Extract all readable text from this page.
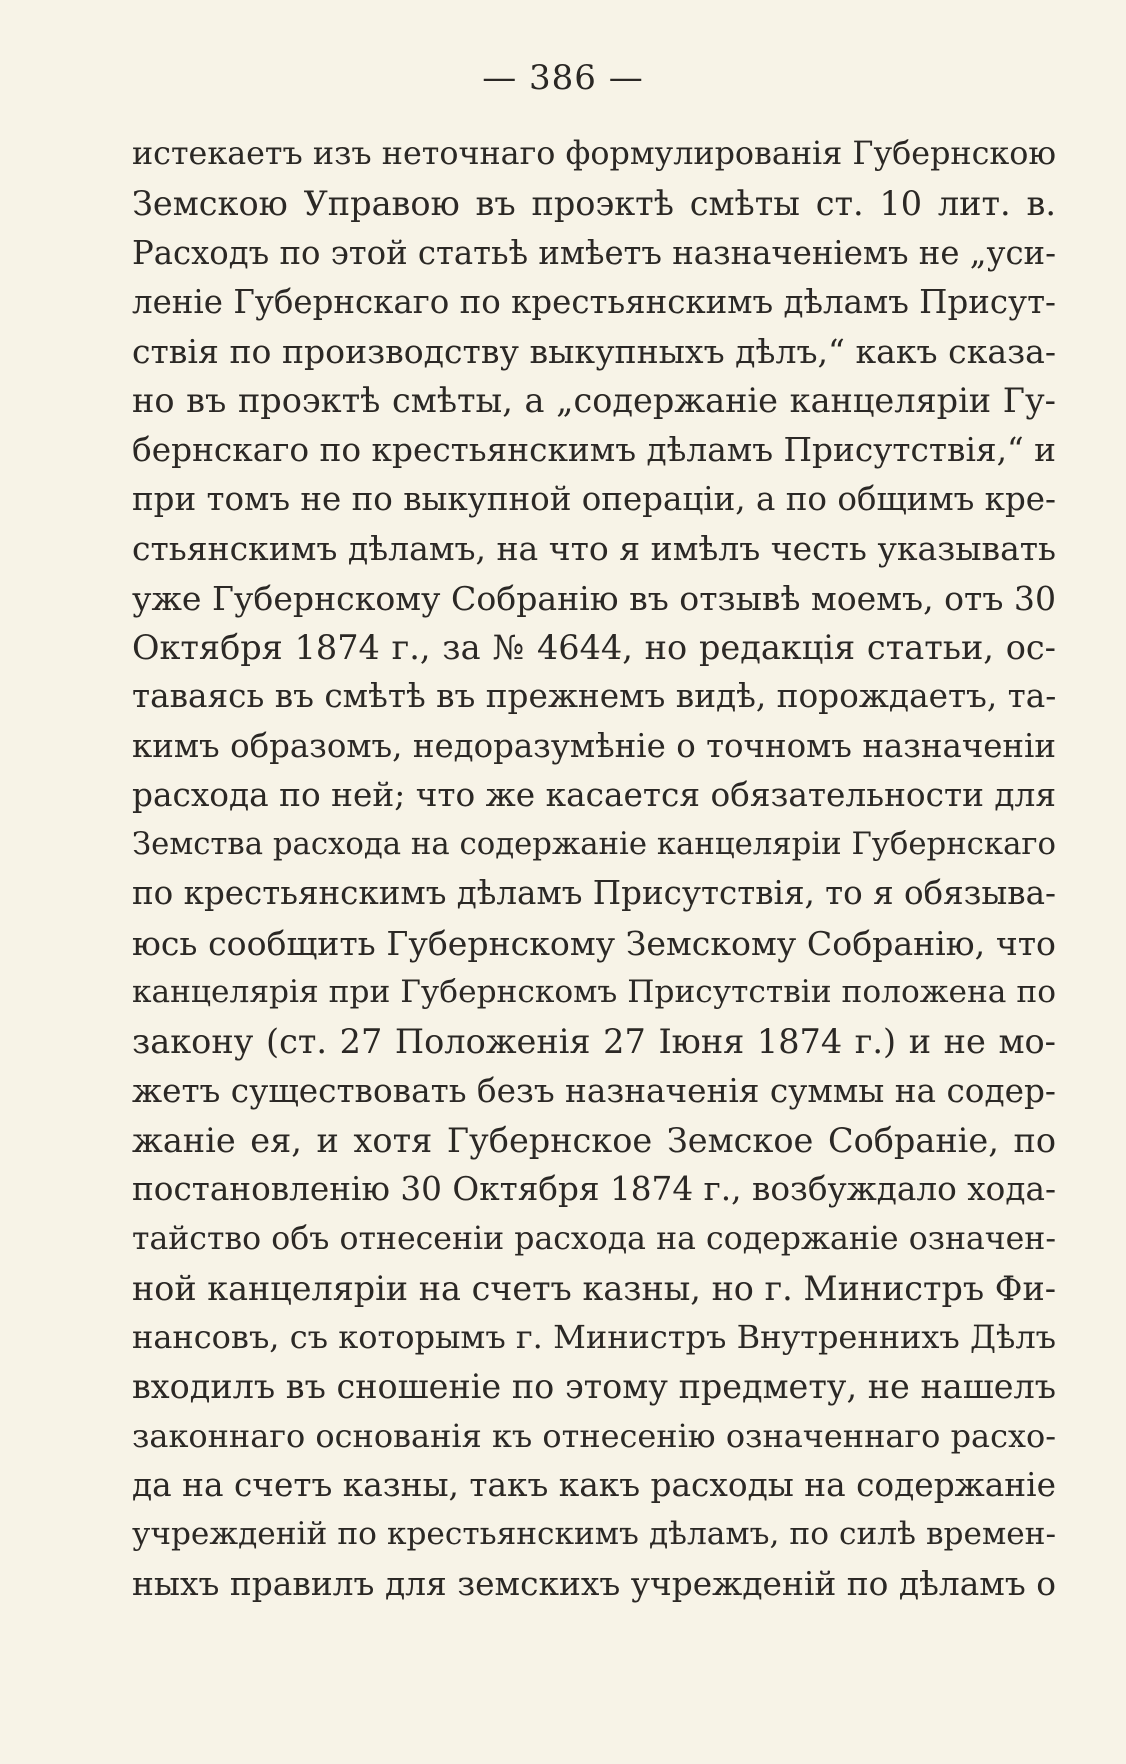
— 386 —
истекаетъ изъ неточнаго формулированія Губернскою
Земскою Управою въ проэктѣ смѣты ст. 10 лит. в.
Расходъ по этой статьѣ имѣетъ назначеніемъ не „уси-
леніе Губернскаго по крестьянскимъ дѣламъ Присут-
ствія по производству выкупныхъ дѣлъ,“ какъ сказа-
но въ проэктѣ смѣты, а „содержаніе канцеляріи Гу-
бернскаго по крестьянскимъ дѣламъ Присутствія,“ и
при томъ не по выкупной операціи, а по общимъ кре-
стьянскимъ дѣламъ, на что я имѣлъ честь указывать
уже Губернскому Собранію въ отзывѣ моемъ, отъ 30
Октября 1874 г., за № 4644, но редакція статьи, ос-
таваясь въ смѣтѣ въ прежнемъ видѣ, порождаетъ, та-
кимъ образомъ, недоразумѣніе о точномъ назначеніи
расхода по ней; что же касается обязательности для
Земства расхода на содержаніе канцеляріи Губернскаго
по крестьянскимъ дѣламъ Присутствія, то я обязыва-
юсь сообщить Губернскому Земскому Собранію, что
канцелярія при Губернскомъ Присутствіи положена по
закону (ст. 27 Положенія 27 Іюня 1874 г.) и не мо-
жетъ существовать безъ назначенія суммы на содер-
жаніе ея, и хотя Губернское Земское Собраніе, по
постановленію 30 Октября 1874 г., возбуждало хода-
тайство объ отнесеніи расхода на содержаніе означен-
ной канцеляріи на счетъ казны, но г. Министръ Фи-
нансовъ, съ которымъ г. Министръ Внутреннихъ Дѣлъ
входилъ въ сношеніе по этому предмету, не нашелъ
законнаго основанія къ отнесенію означеннаго расхо-
да на счетъ казны, такъ какъ расходы на содержаніе
учрежденій по крестьянскимъ дѣламъ, по силѣ времен-
ныхъ правилъ для земскихъ учрежденій по дѣламъ о
